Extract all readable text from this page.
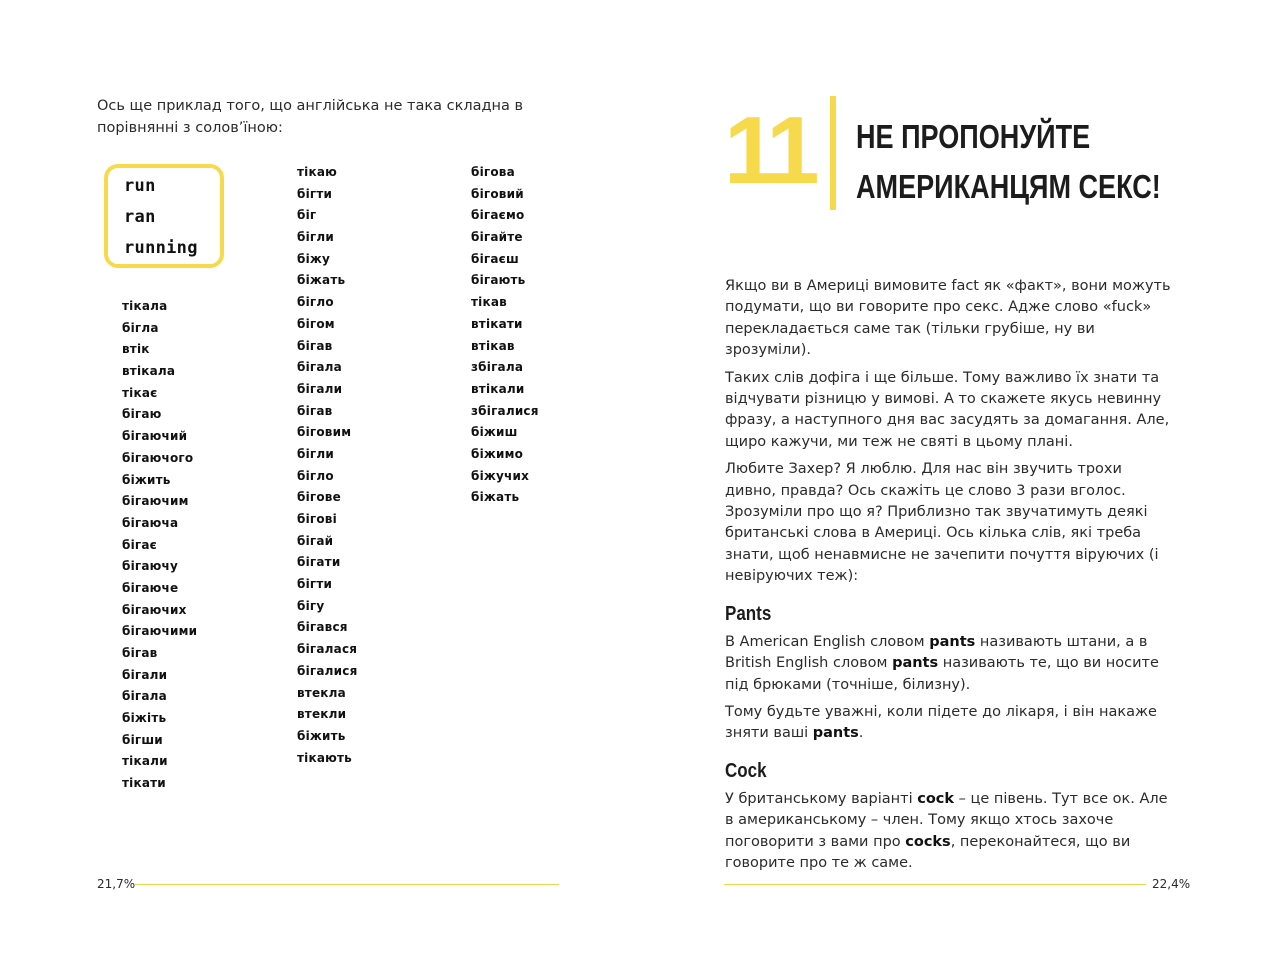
Ось ще приклад того, що англійська не така складна в порівнянні з солов’їною:

run
ran
running
тікала
бігла
втік
втікала
тікає
бігаю
бігаючий
бігаючого
біжить
бігаючим
бігаюча
бігає
бігаючу
бігаюче
бігаючих
бігаючими
бігав
бігали
бігала
біжіть
бігши
тікали
тікати
тікаю
бігти
біг
бігли
біжу
біжать
бігло
бігом
бігав
бігала
бігали
бігав
біговим
бігли
бігло
бігове
бігові
бігай
бігати
бігти
бігу
бігався
бігалася
бігалися
втекла
втекли
біжить
тікають
бігова
біговий
бігаємо
бігайте
бігаєш
бігають
тікав
втікати
втікав
збігала
втікали
збігалися
біжиш
біжимо
біжучих
біжать
21,7%
11	НЕ ПРОПОНУЙТЕ
АМЕРИКАНЦЯМ СЕКС!

Якщо ви в Америці вимовите fact як «факт», вони можуть подумати, що ви говорите про секс. Адже слово «fuck» перекладається саме так (тільки грубіше, ну ви зрозуміли).

Таких слів дофіга і ще більше. Тому важливо їх знати та відчувати різницю у вимові. А то скажете якусь невинну фразу, а наступного дня вас засудять за домагання. Але, щиро кажучи, ми теж не святі в цьому плані.

Любите Захер? Я люблю. Для нас він звучить трохи дивно, правда? Ось скажіть це слово 3 рази вголос. Зрозуміли про що я? Приблизно так звучатимуть деякі британські слова в Америці. Ось кілька слів, які треба знати, щоб ненавмисне не зачепити почуття віруючих (і невіруючих теж):

Pants

В American English словом pants називають штани, а в British English словом pants називають те, що ви носите під брюками (точніше, білизну).

Тому будьте уважні, коли підете до лікаря, і він накаже зняти ваші pants.

Cock

У британському варіанті cock – це півень. Тут все ок. Але в американському – член. Тому якщо хтось захоче поговорити з вами про cocks, переконайтеся, що ви говорите про те ж саме.

22,4%
